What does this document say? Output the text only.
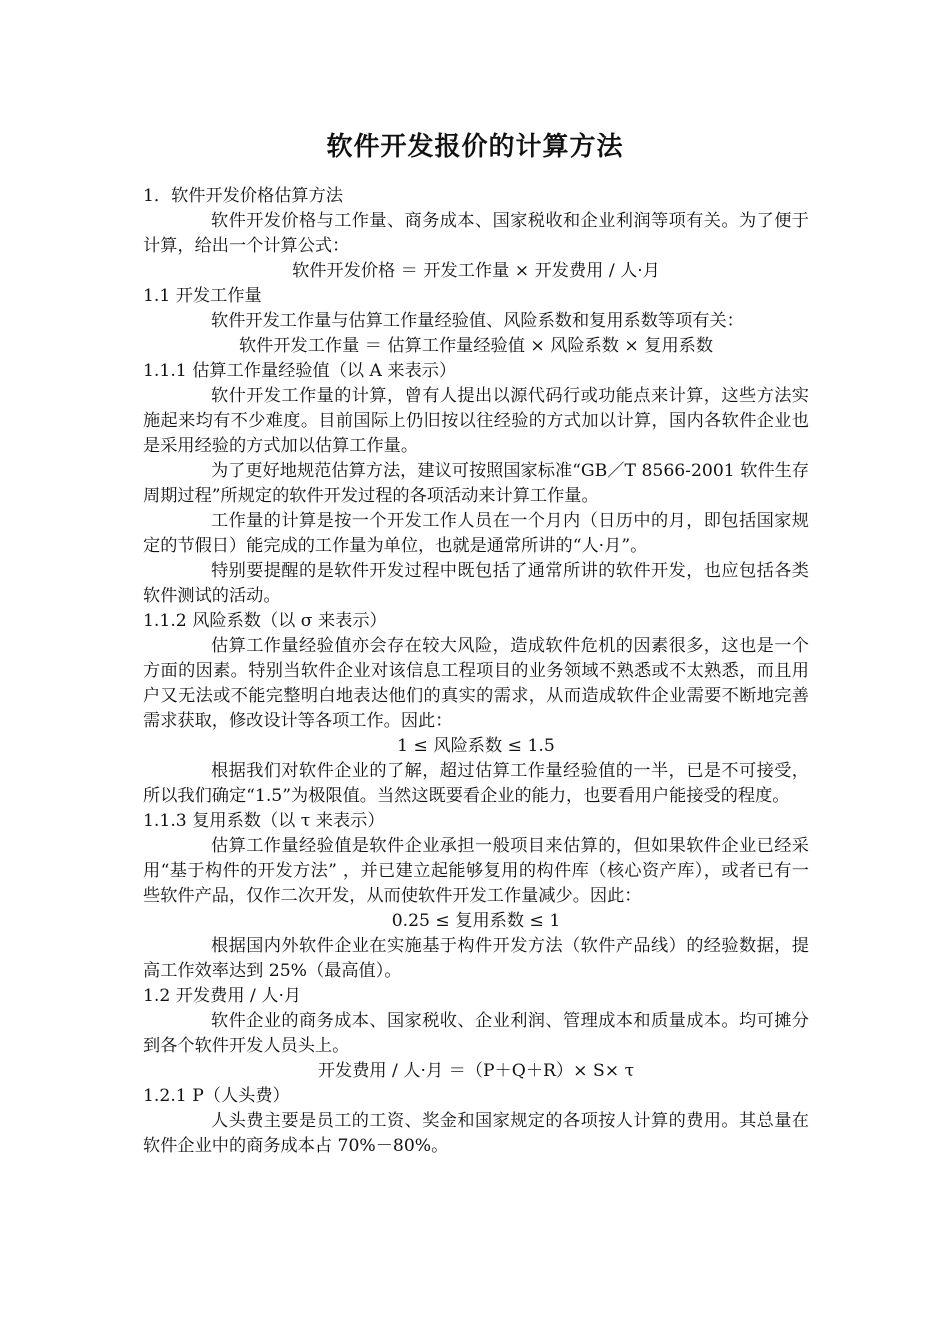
软件开发报价的计算方法

1．软件开发价格估算方法

软件开发价格与工作量、商务成本、国家税收和企业利润等项有关。为了便于计算，给出一个计算公式：

软件开发价格 ＝ 开发工作量 × 开发费用 / 人·月

1.1 开发工作量

软件开发工作量与估算工作量经验值、风险系数和复用系数等项有关：

软件开发工作量 ＝ 估算工作量经验值 × 风险系数 × 复用系数

1.1.1 估算工作量经验值（以 A 来表示）

软什开发工作量的计算，曾有人提出以源代码行或功能点来计算，这些方法实施起来均有不少难度。目前国际上仍旧按以往经验的方式加以计算，国内各软件企业也是采用经验的方式加以估算工作量。

为了更好地规范估算方法，建议可按照国家标准“GB／T 8566-2001 软件生存周期过程”所规定的软件开发过程的各项活动来计算工作量。

工作量的计算是按一个开发工作人员在一个月内（日历中的月，即包括国家规定的节假日）能完成的工作量为单位，也就是通常所讲的“人·月”。

特别要提醒的是软件开发过程中既包括了通常所讲的软件开发，也应包括各类软件测试的活动。

1.1.2 风险系数（以 σ 来表示）

估算工作量经验值亦会存在较大风险，造成软件危机的因素很多，这也是一个方面的因素。特别当软件企业对该信息工程项目的业务领域不熟悉或不太熟悉，而且用户又无法或不能完整明白地表达他们的真实的需求，从而造成软件企业需要不断地完善需求获取，修改设计等各项工作。因此：

1 ≤ 风险系数 ≤ 1.5

根据我们对软件企业的了解，超过估算工作量经验值的一半，已是不可接受，所以我们确定“1.5”为极限值。当然这既要看企业的能力，也要看用户能接受的程度。

1.1.3 复用系数（以 τ 来表示）

估算工作量经验值是软件企业承担一般项目来估算的，但如果软件企业已经采用“基于构件的开发方法” ，并已建立起能够复用的构件库（核心资产库），或者已有一些软件产品，仅作二次开发，从而使软件开发工作量减少。因此：

0.25 ≤ 复用系数 ≤ 1

根据国内外软件企业在实施基于构件开发方法（软件产品线）的经验数据，提高工作效率达到 25%（最高值）。

1.2 开发费用 / 人·月

软件企业的商务成本、国家税收、企业利润、管理成本和质量成本。均可摊分到各个软件开发人员头上。

开发费用 / 人·月 ＝（P＋Q＋R）× S× τ

1.2.1 P（人头费）

人头费主要是员工的工资、奖金和国家规定的各项按人计算的费用。其总量在软件企业中的商务成本占 70%－80%。
